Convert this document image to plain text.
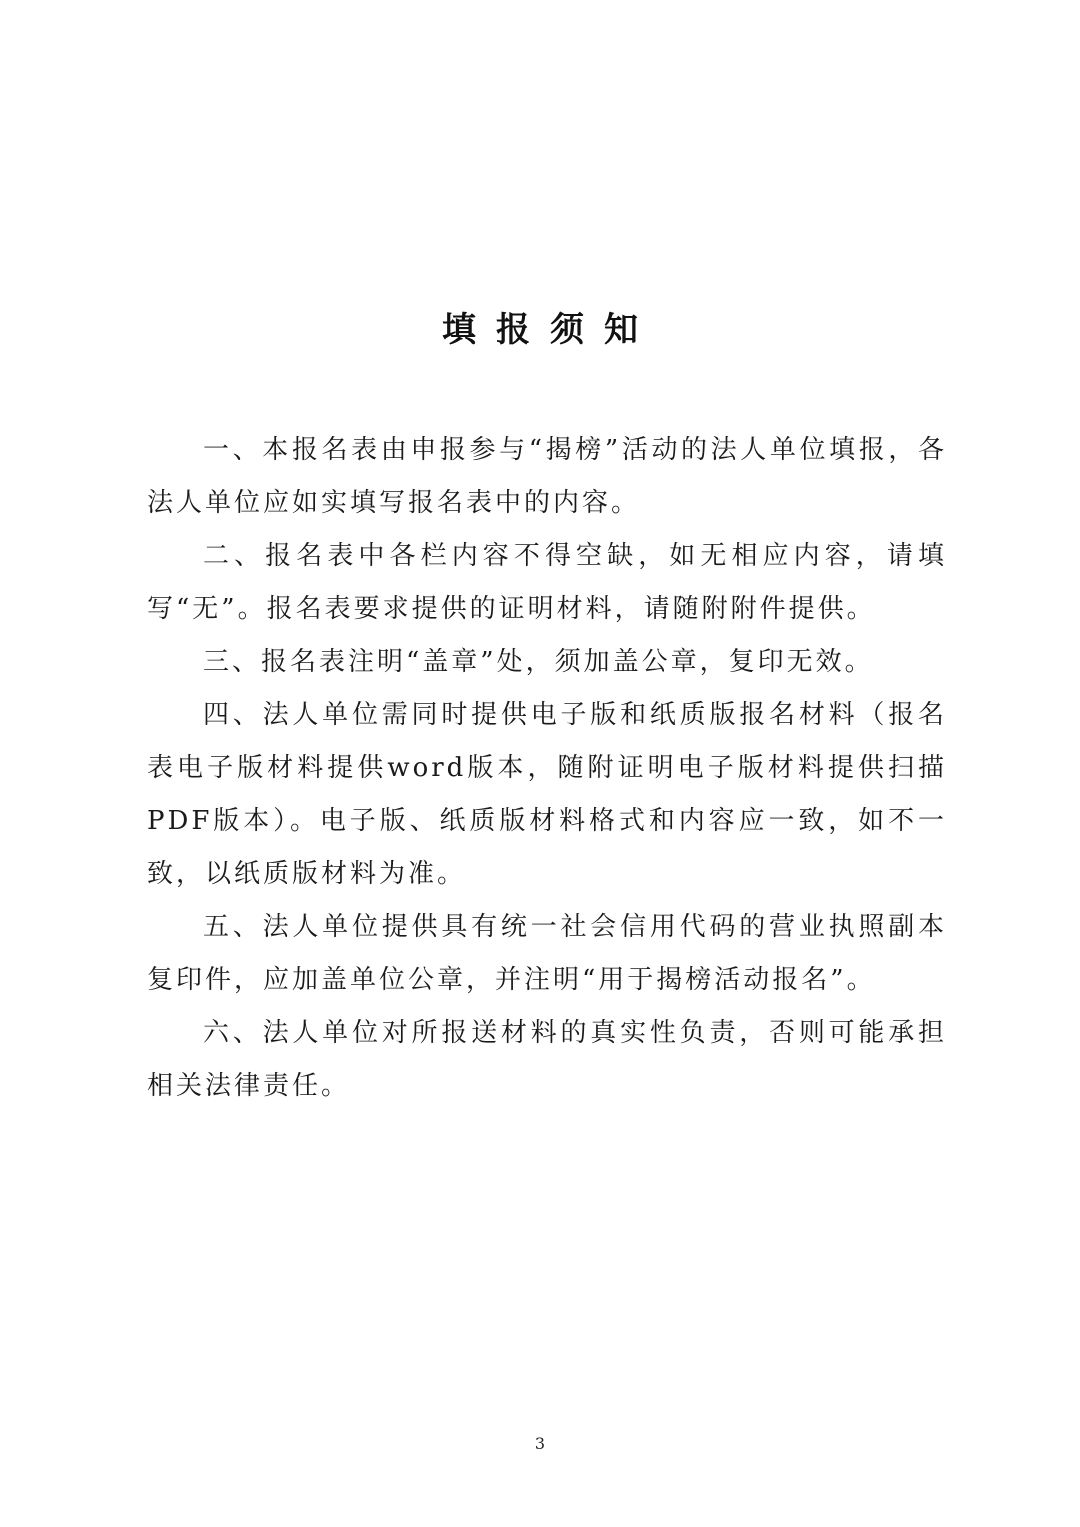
填报须知

一、本报名表由申报参与“揭榜”活动的法人单位填报，各法人单位应如实填写报名表中的内容。

二、报名表中各栏内容不得空缺，如无相应内容，请填写“无”。报名表要求提供的证明材料，请随附附件提供。

三、报名表注明“盖章”处，须加盖公章，复印无效。

四、法人单位需同时提供电子版和纸质版报名材料（报名表电子版材料提供word版本，随附证明电子版材料提供扫描PDF版本）。电子版、纸质版材料格式和内容应一致，如不一致，以纸质版材料为准。

五、法人单位提供具有统一社会信用代码的营业执照副本复印件，应加盖单位公章，并注明“用于揭榜活动报名”。

六、法人单位对所报送材料的真实性负责，否则可能承担相关法律责任。

3
